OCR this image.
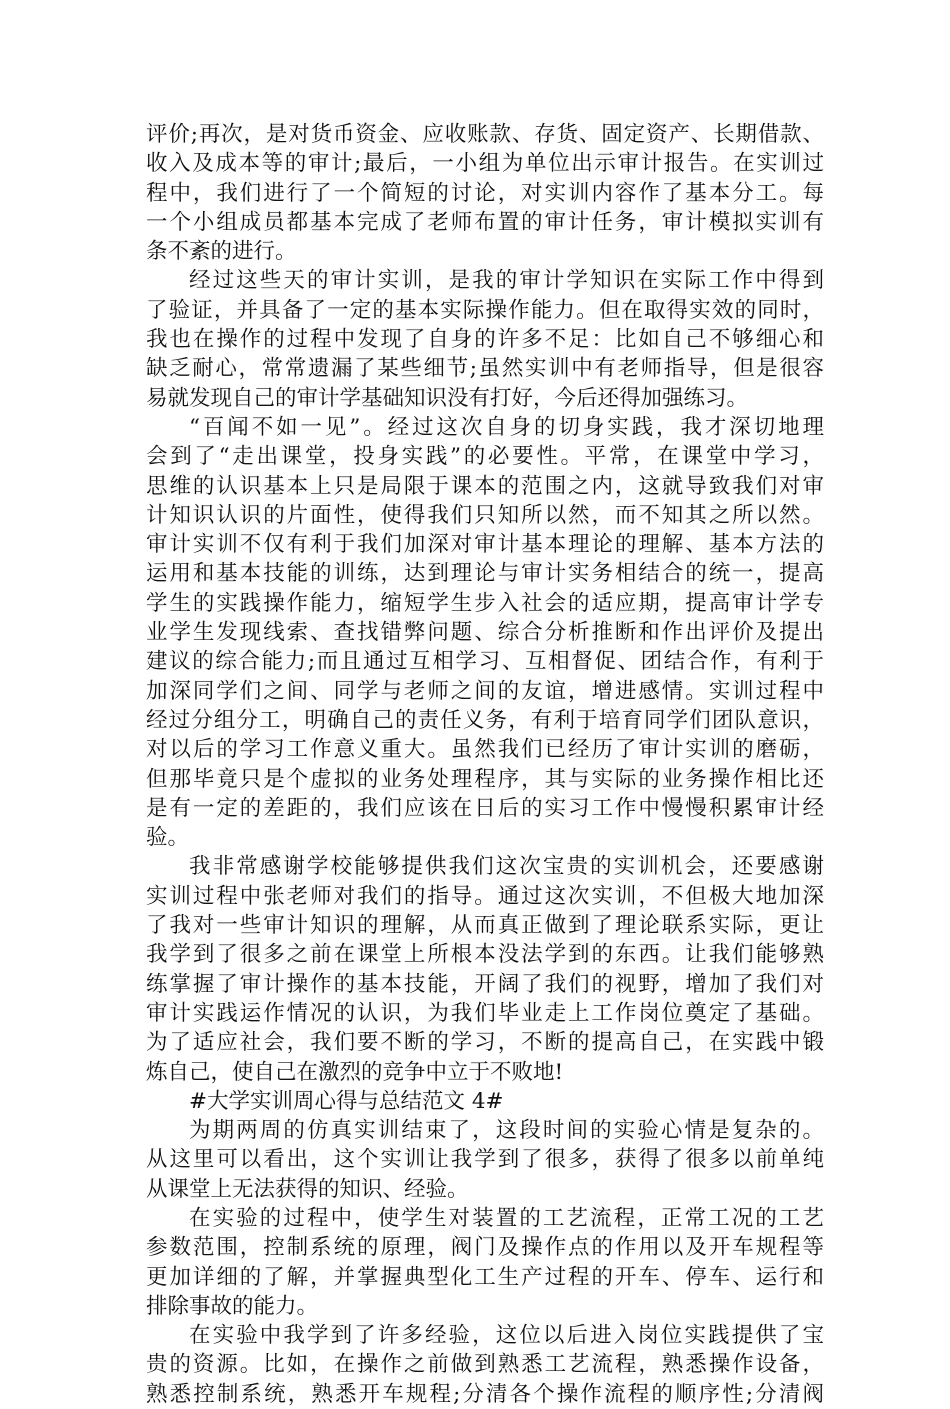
评价;再次，是对货币资金、应收账款、存货、固定资产、长期借款、
收入及成本等的审计;最后，一小组为单位出示审计报告。在实训过
程中，我们进行了一个简短的讨论，对实训内容作了基本分工。每
一个小组成员都基本完成了老师布置的审计任务，审计模拟实训有
条不紊的进行。
经过这些天的审计实训，是我的审计学知识在实际工作中得到
了验证，并具备了一定的基本实际操作能力。但在取得实效的同时，
我也在操作的过程中发现了自身的许多不足：比如自己不够细心和
缺乏耐心，常常遗漏了某些细节;虽然实训中有老师指导，但是很容
易就发现自己的审计学基础知识没有打好，今后还得加强练习。
“百闻不如一见”。经过这次自身的切身实践，我才深切地理
会到了“走出课堂，投身实践”的必要性。平常，在课堂中学习，
思维的认识基本上只是局限于课本的范围之内，这就导致我们对审
计知识认识的片面性，使得我们只知所以然，而不知其之所以然。
审计实训不仅有利于我们加深对审计基本理论的理解、基本方法的
运用和基本技能的训练，达到理论与审计实务相结合的统一，提高
学生的实践操作能力，缩短学生步入社会的适应期，提高审计学专
业学生发现线索、查找错弊问题、综合分析推断和作出评价及提出
建议的综合能力;而且通过互相学习、互相督促、团结合作，有利于
加深同学们之间、同学与老师之间的友谊，增进感情。实训过程中
经过分组分工，明确自己的责任义务，有利于培育同学们团队意识，
对以后的学习工作意义重大。虽然我们已经历了审计实训的磨砺，
但那毕竟只是个虚拟的业务处理程序，其与实际的业务操作相比还
是有一定的差距的，我们应该在日后的实习工作中慢慢积累审计经
验。
我非常感谢学校能够提供我们这次宝贵的实训机会，还要感谢
实训过程中张老师对我们的指导。通过这次实训，不但极大地加深
了我对一些审计知识的理解，从而真正做到了理论联系实际，更让
我学到了很多之前在课堂上所根本没法学到的东西。让我们能够熟
练掌握了审计操作的基本技能，开阔了我们的视野，增加了我们对
审计实践运作情况的认识，为我们毕业走上工作岗位奠定了基础。
为了适应社会，我们要不断的学习，不断的提高自己，在实践中锻
炼自己，使自己在激烈的竞争中立于不败地!
#大学实训周心得与总结范文 4#
为期两周的仿真实训结束了，这段时间的实验心情是复杂的。
从这里可以看出，这个实训让我学到了很多，获得了很多以前单纯
从课堂上无法获得的知识、经验。
在实验的过程中，使学生对装置的工艺流程，正常工况的工艺
参数范围，控制系统的原理，阀门及操作点的作用以及开车规程等
更加详细的了解，并掌握典型化工生产过程的开车、停车、运行和
排除事故的能力。
在实验中我学到了许多经验，这位以后进入岗位实践提供了宝
贵的资源。比如，在操作之前做到熟悉工艺流程，熟悉操作设备，
熟悉控制系统，熟悉开车规程;分清各个操作流程的顺序性;分清阀
